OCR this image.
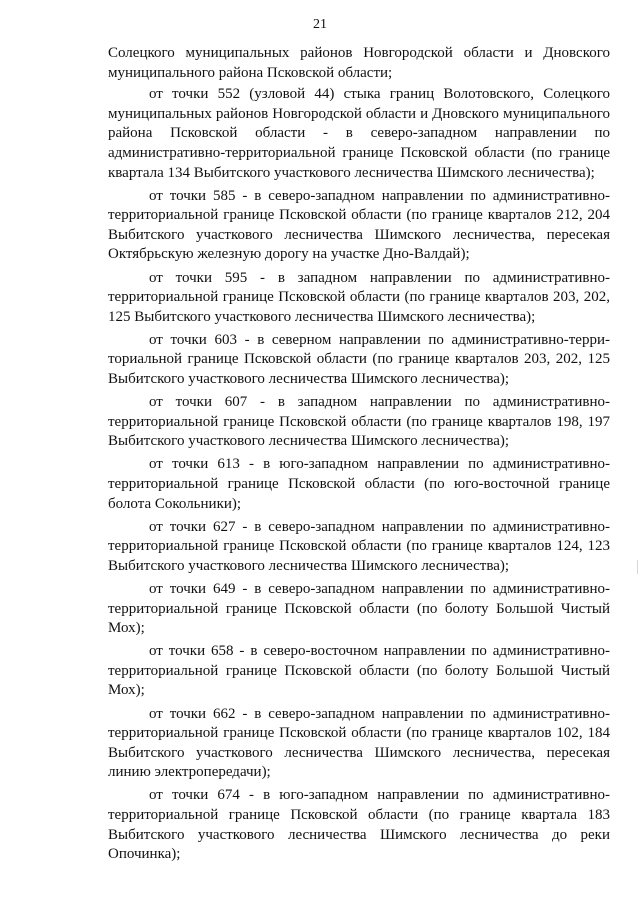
21

Солецкого муниципальных районов Новгородской области и Дновского муниципального района Псковской области;

от точки 552 (узловой 44) стыка границ Волотовского, Солецкого муниципальных районов Новгородской области и Дновского муниципального района Псковской области - в северо-западном направлении по административно-территориальной границе Псковской области (по границе квартала 134 Выбитского участкового лесничества Шимского лесничества);

от точки 585 - в северо-западном направлении по административно-территориальной границе Псковской области (по границе кварталов 212, 204 Выбитского участкового лесничества Шимского лесничества, пересекая Октябрьскую железную дорогу на участке Дно-Валдай);

от точки 595 - в западном направлении по административно-территориальной границе Псковской области (по границе кварталов 203, 202, 125 Выбитского участкового лесничества Шимского лесничества);

от точки 603 - в северном направлении по административно-территориальной границе Псковской области (по границе кварталов 203, 202, 125 Выбитского участкового лесничества Шимского лесничества);

от точки 607 - в западном направлении по административно-территориальной границе Псковской области (по границе кварталов 198, 197 Выбитского участкового лесничества Шимского лесничества);

от точки 613 - в юго-западном направлении по административно-территориальной границе Псковской области (по юго-восточной границе болота Сокольники);

от точки 627 - в северо-западном направлении по административно-территориальной границе Псковской области (по границе кварталов 124, 123 Выбитского участкового лесничества Шимского лесничества);

от точки 649 - в северо-западном направлении по административно-территориальной границе Псковской области (по болоту Большой Чистый Мох);

от точки 658 - в северо-восточном направлении по административно-территориальной границе Псковской области (по болоту Большой Чистый Мох);

от точки 662 - в северо-западном направлении по административно-территориальной границе Псковской области (по границе кварталов 102, 184 Выбитского участкового лесничества Шимского лесничества, пересекая линию электропередачи);

от точки 674 - в юго-западном направлении по административно-территориальной границе Псковской области (по границе квартала 183 Выбитского участкового лесничества Шимского лесничества до реки Опочинка);
